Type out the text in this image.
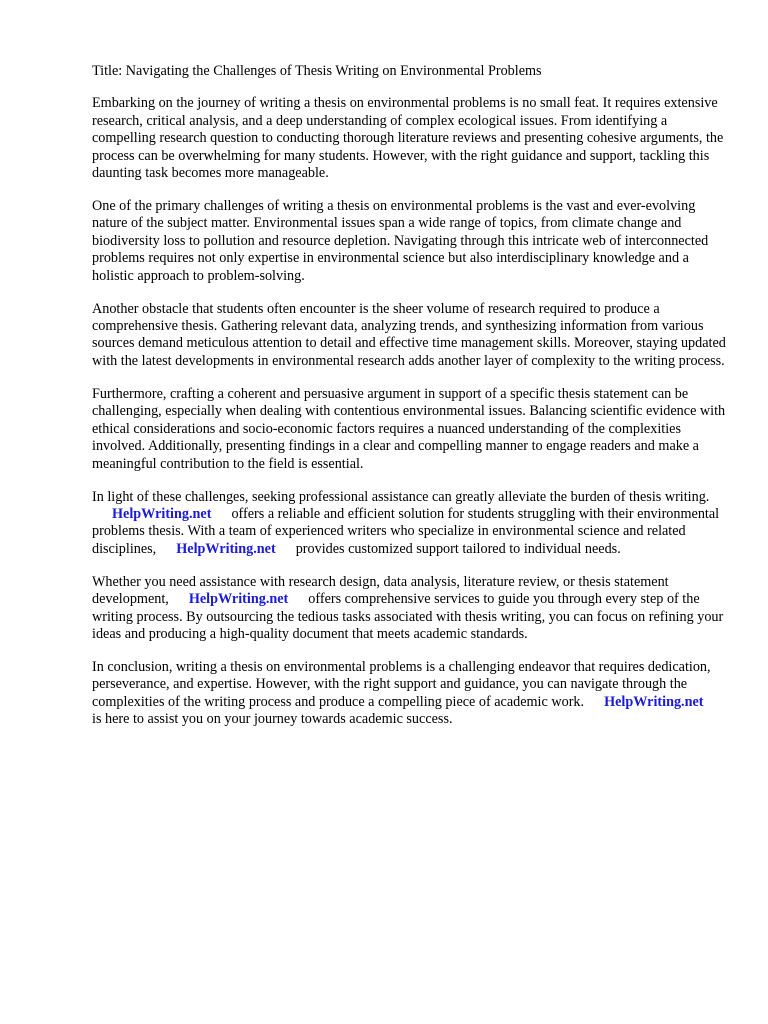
Title: Navigating the Challenges of Thesis Writing on Environmental Problems

Embarking on the journey of writing a thesis on environmental problems is no small feat. It requires extensive research, critical analysis, and a deep understanding of complex ecological issues. From identifying a compelling research question to conducting thorough literature reviews and presenting cohesive arguments, the process can be overwhelming for many students. However, with the right guidance and support, tackling this daunting task becomes more manageable.

One of the primary challenges of writing a thesis on environmental problems is the vast and ever-evolving nature of the subject matter. Environmental issues span a wide range of topics, from climate change and biodiversity loss to pollution and resource depletion. Navigating through this intricate web of interconnected problems requires not only expertise in environmental science but also interdisciplinary knowledge and a holistic approach to problem-solving.

Another obstacle that students often encounter is the sheer volume of research required to produce a comprehensive thesis. Gathering relevant data, analyzing trends, and synthesizing information from various sources demand meticulous attention to detail and effective time management skills. Moreover, staying updated with the latest developments in environmental research adds another layer of complexity to the writing process.

Furthermore, crafting a coherent and persuasive argument in support of a specific thesis statement can be challenging, especially when dealing with contentious environmental issues. Balancing scientific evidence with ethical considerations and socio-economic factors requires a nuanced understanding of the complexities involved. Additionally, presenting findings in a clear and compelling manner to engage readers and make a meaningful contribution to the field is essential.

In light of these challenges, seeking professional assistance can greatly alleviate the burden of thesis writing.HelpWriting.net offers a reliable and efficient solution for students struggling with their environmental problems thesis. With a team of experienced writers who specialize in environmental science and related disciplines, HelpWriting.net provides customized support tailored to individual needs.

Whether you need assistance with research design, data analysis, literature review, or thesis statement development, HelpWriting.net offers comprehensive services to guide you through every step of the writing process. By outsourcing the tedious tasks associated with thesis writing, you can focus on refining your ideas and producing a high-quality document that meets academic standards.

In conclusion, writing a thesis on environmental problems is a challenging endeavor that requires dedication, perseverance, and expertise. However, with the right support and guidance, you can navigate through the complexities of the writing process and produce a compelling piece of academic work. HelpWriting.netis here to assist you on your journey towards academic success.
